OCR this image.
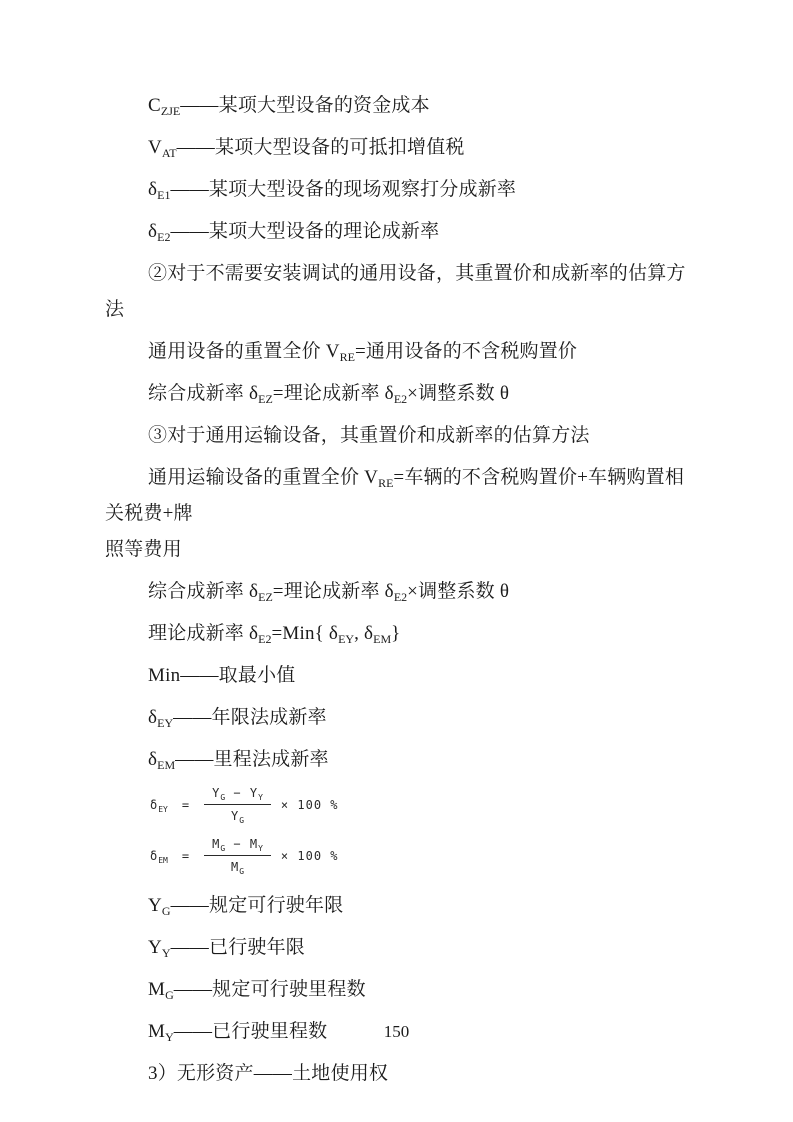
$C_{ZJE}——$某项大型设备的资金成本

$V_{AT}——$某项大型设备的可抵扣增值税

$\delta_{E1}——$某项大型设备的现场观察打分成新率

$\delta_{E2}——$某项大型设备的理论成新率

②对于不需要安装调试的通用设备，其重置价和成新率的估算方法

通用设备的重置全价 $V_{RE}=$通用设备的不含税购置价

综合成新率 $\delta_{EZ}=$理论成新率 $\delta_{E2}\times$调整系数 θ

③对于通用运输设备，其重置价和成新率的估算方法

通用运输设备的重置全价 $V_{RE}=$车辆的不含税购置价+车辆购置相关税费+牌
照等费用

综合成新率 $\delta_{EZ}=$理论成新率 $\delta_{E2}\times$调整系数 θ

理论成新率 $\delta_{E2}=Min${ $\delta_{EY}$, $\delta_{EM}$}

Min——取最小值

$\delta_{EY}——$年限法成新率

$\delta_{EM}——$里程法成新率

$\delta_{EY} = \frac{Y_G - Y_Y}{Y_G} \times 100$ %
$\delta_{EM} = \frac{M_G - M_Y}{M_G} \times 100$ %

$Y_G——$规定可行驶年限

$Y_Y——$已行驶年限

$M_G——$规定可行驶里程数

$M_Y——$已行驶里程数

3）无形资产——土地使用权

150
